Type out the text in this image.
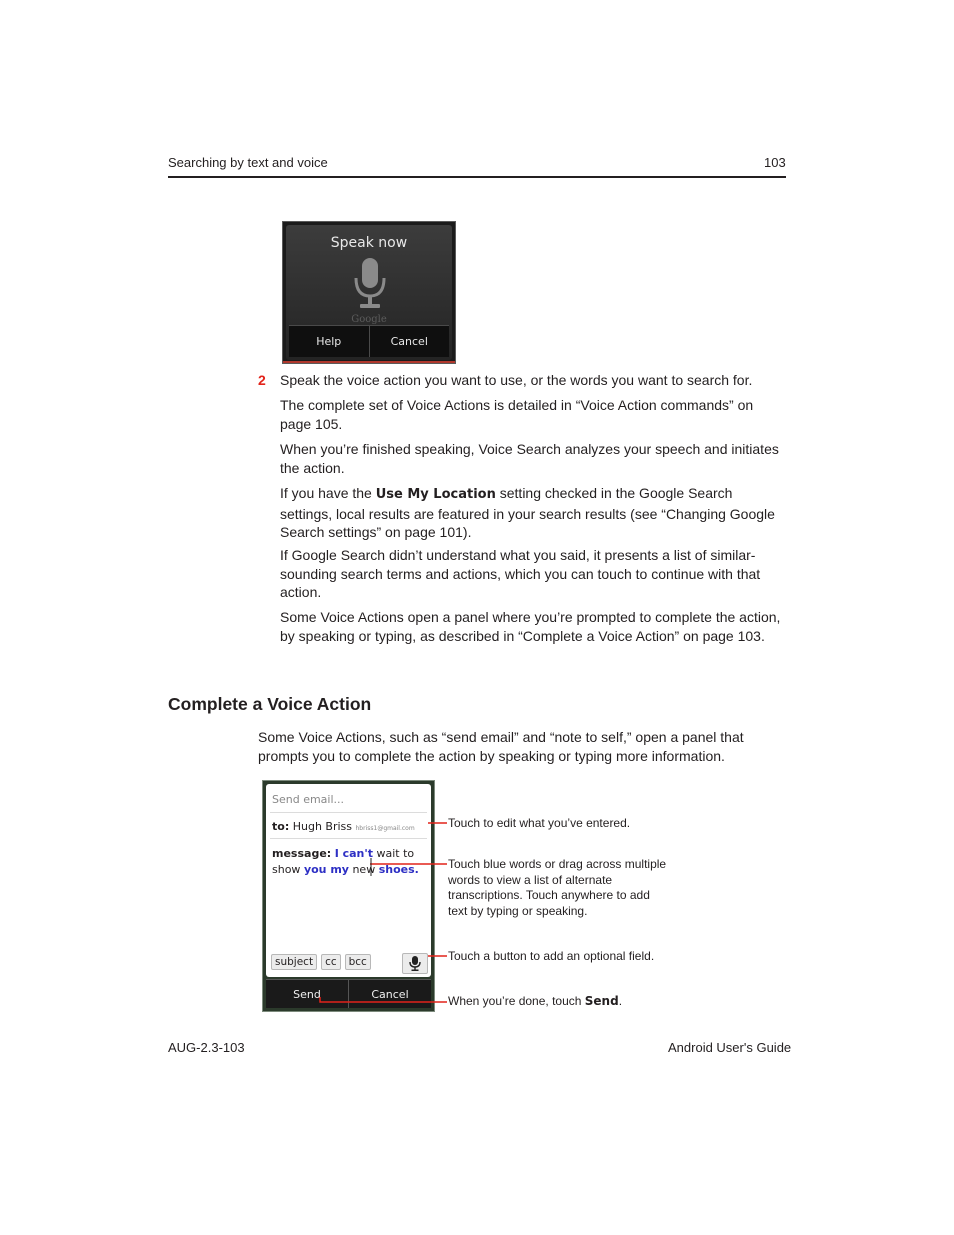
Searching by text and voice	103
Speak now
Google
Help	Cancel
2 Speak the voice action you want to use, or the words you want to search for.
The complete set of Voice Actions is detailed in “Voice Action commands” on page 105.
When you’re finished speaking, Voice Search analyzes your speech and initiates the action.
If you have the Use My Location setting checked in the Google Search settings, local results are featured in your search results (see “Changing Google Search settings” on page 101).
If Google Search didn’t understand what you said, it presents a list of similar-sounding search terms and actions, which you can touch to continue with that action.
Some Voice Actions open a panel where you’re prompted to complete the action, by speaking or typing, as described in “Complete a Voice Action” on page 103.
Complete a Voice Action
Some Voice Actions, such as “send email” and “note to self,” open a panel that prompts you to complete the action by speaking or typing more information.
Send email...
to: Hugh Briss hbriss1@gmail.com
message: I can't wait to show you my new shoes.
subject	cc	bcc
Send	Cancel
Touch to edit what you’ve entered.
Touch blue words or drag across multiple words to view a list of alternate transcriptions. Touch anywhere to add text by typing or speaking.
Touch a button to add an optional field.
When you’re done, touch Send.
AUG-2.3-103	Android User's Guide
